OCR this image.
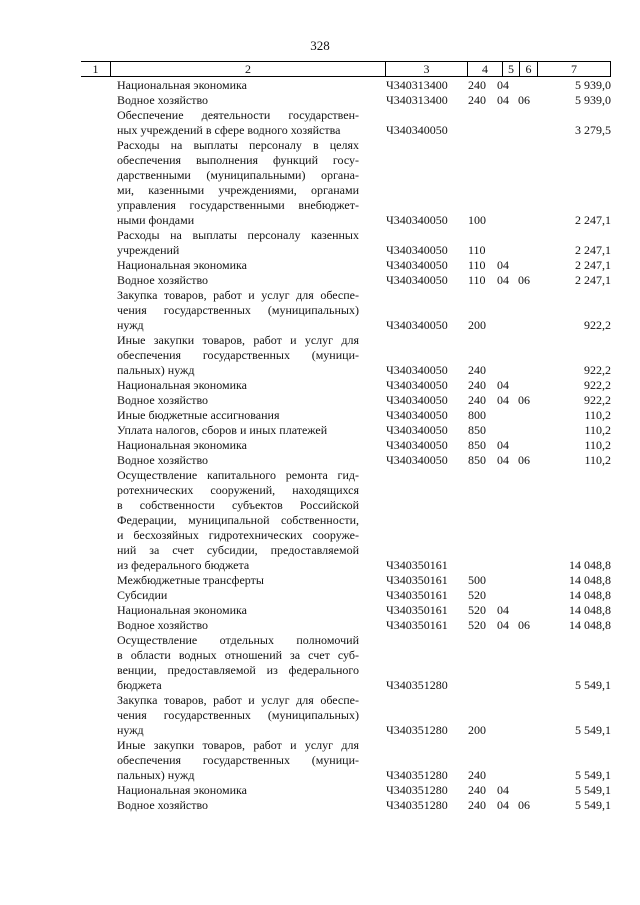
328
1	2	3	4	5 6	7
Национальная экономика	Ч340313400	240 04	5 939,0
Водное хозяйство	Ч340313400	240 04 06	5 939,0
Обеспечение деятельности государствен-
ных учреждений в сфере водного хозяйства	Ч340340050	3 279,5
Расходы на выплаты персоналу в целях
обеспечения выполнения функций госу-
дарственными (муниципальными) органа-
ми, казенными учреждениями, органами
управления государственными внебюджет-
ными фондами	Ч340340050	100	2 247,1
Расходы на выплаты персоналу казенных
учреждений	Ч340340050	110	2 247,1
Национальная экономика	Ч340340050	110 04	2 247,1
Водное хозяйство	Ч340340050	110 04 06	2 247,1
Закупка товаров, работ и услуг для обеспе-
чения государственных (муниципальных)
нужд	Ч340340050	200	922,2
Иные закупки товаров, работ и услуг для
обеспечения государственных (муници-
пальных) нужд	Ч340340050	240	922,2
Национальная экономика	Ч340340050	240 04	922,2
Водное хозяйство	Ч340340050	240 04 06	922,2
Иные бюджетные ассигнования	Ч340340050	800	110,2
Уплата налогов, сборов и иных платежей	Ч340340050	850	110,2
Национальная экономика	Ч340340050	850 04	110,2
Водное хозяйство	Ч340340050	850 04 06	110,2
Осуществление капитального ремонта гид-
ротехнических сооружений, находящихся
в собственности субъектов Российской
Федерации, муниципальной собственности,
и бесхозяйных гидротехнических сооруже-
ний за счет субсидии, предоставляемой
из федерального бюджета	Ч340350161	14 048,8
Межбюджетные трансферты	Ч340350161	500	14 048,8
Субсидии	Ч340350161	520	14 048,8
Национальная экономика	Ч340350161	520 04	14 048,8
Водное хозяйство	Ч340350161	520 04 06	14 048,8
Осуществление отдельных полномочий
в области водных отношений за счет суб-
венции, предоставляемой из федерального
бюджета	Ч340351280	5 549,1
Закупка товаров, работ и услуг для обеспе-
чения государственных (муниципальных)
нужд	Ч340351280	200	5 549,1
Иные закупки товаров, работ и услуг для
обеспечения государственных (муници-
пальных) нужд	Ч340351280	240	5 549,1
Национальная экономика	Ч340351280	240 04	5 549,1
Водное хозяйство	Ч340351280	240 04 06	5 549,1
